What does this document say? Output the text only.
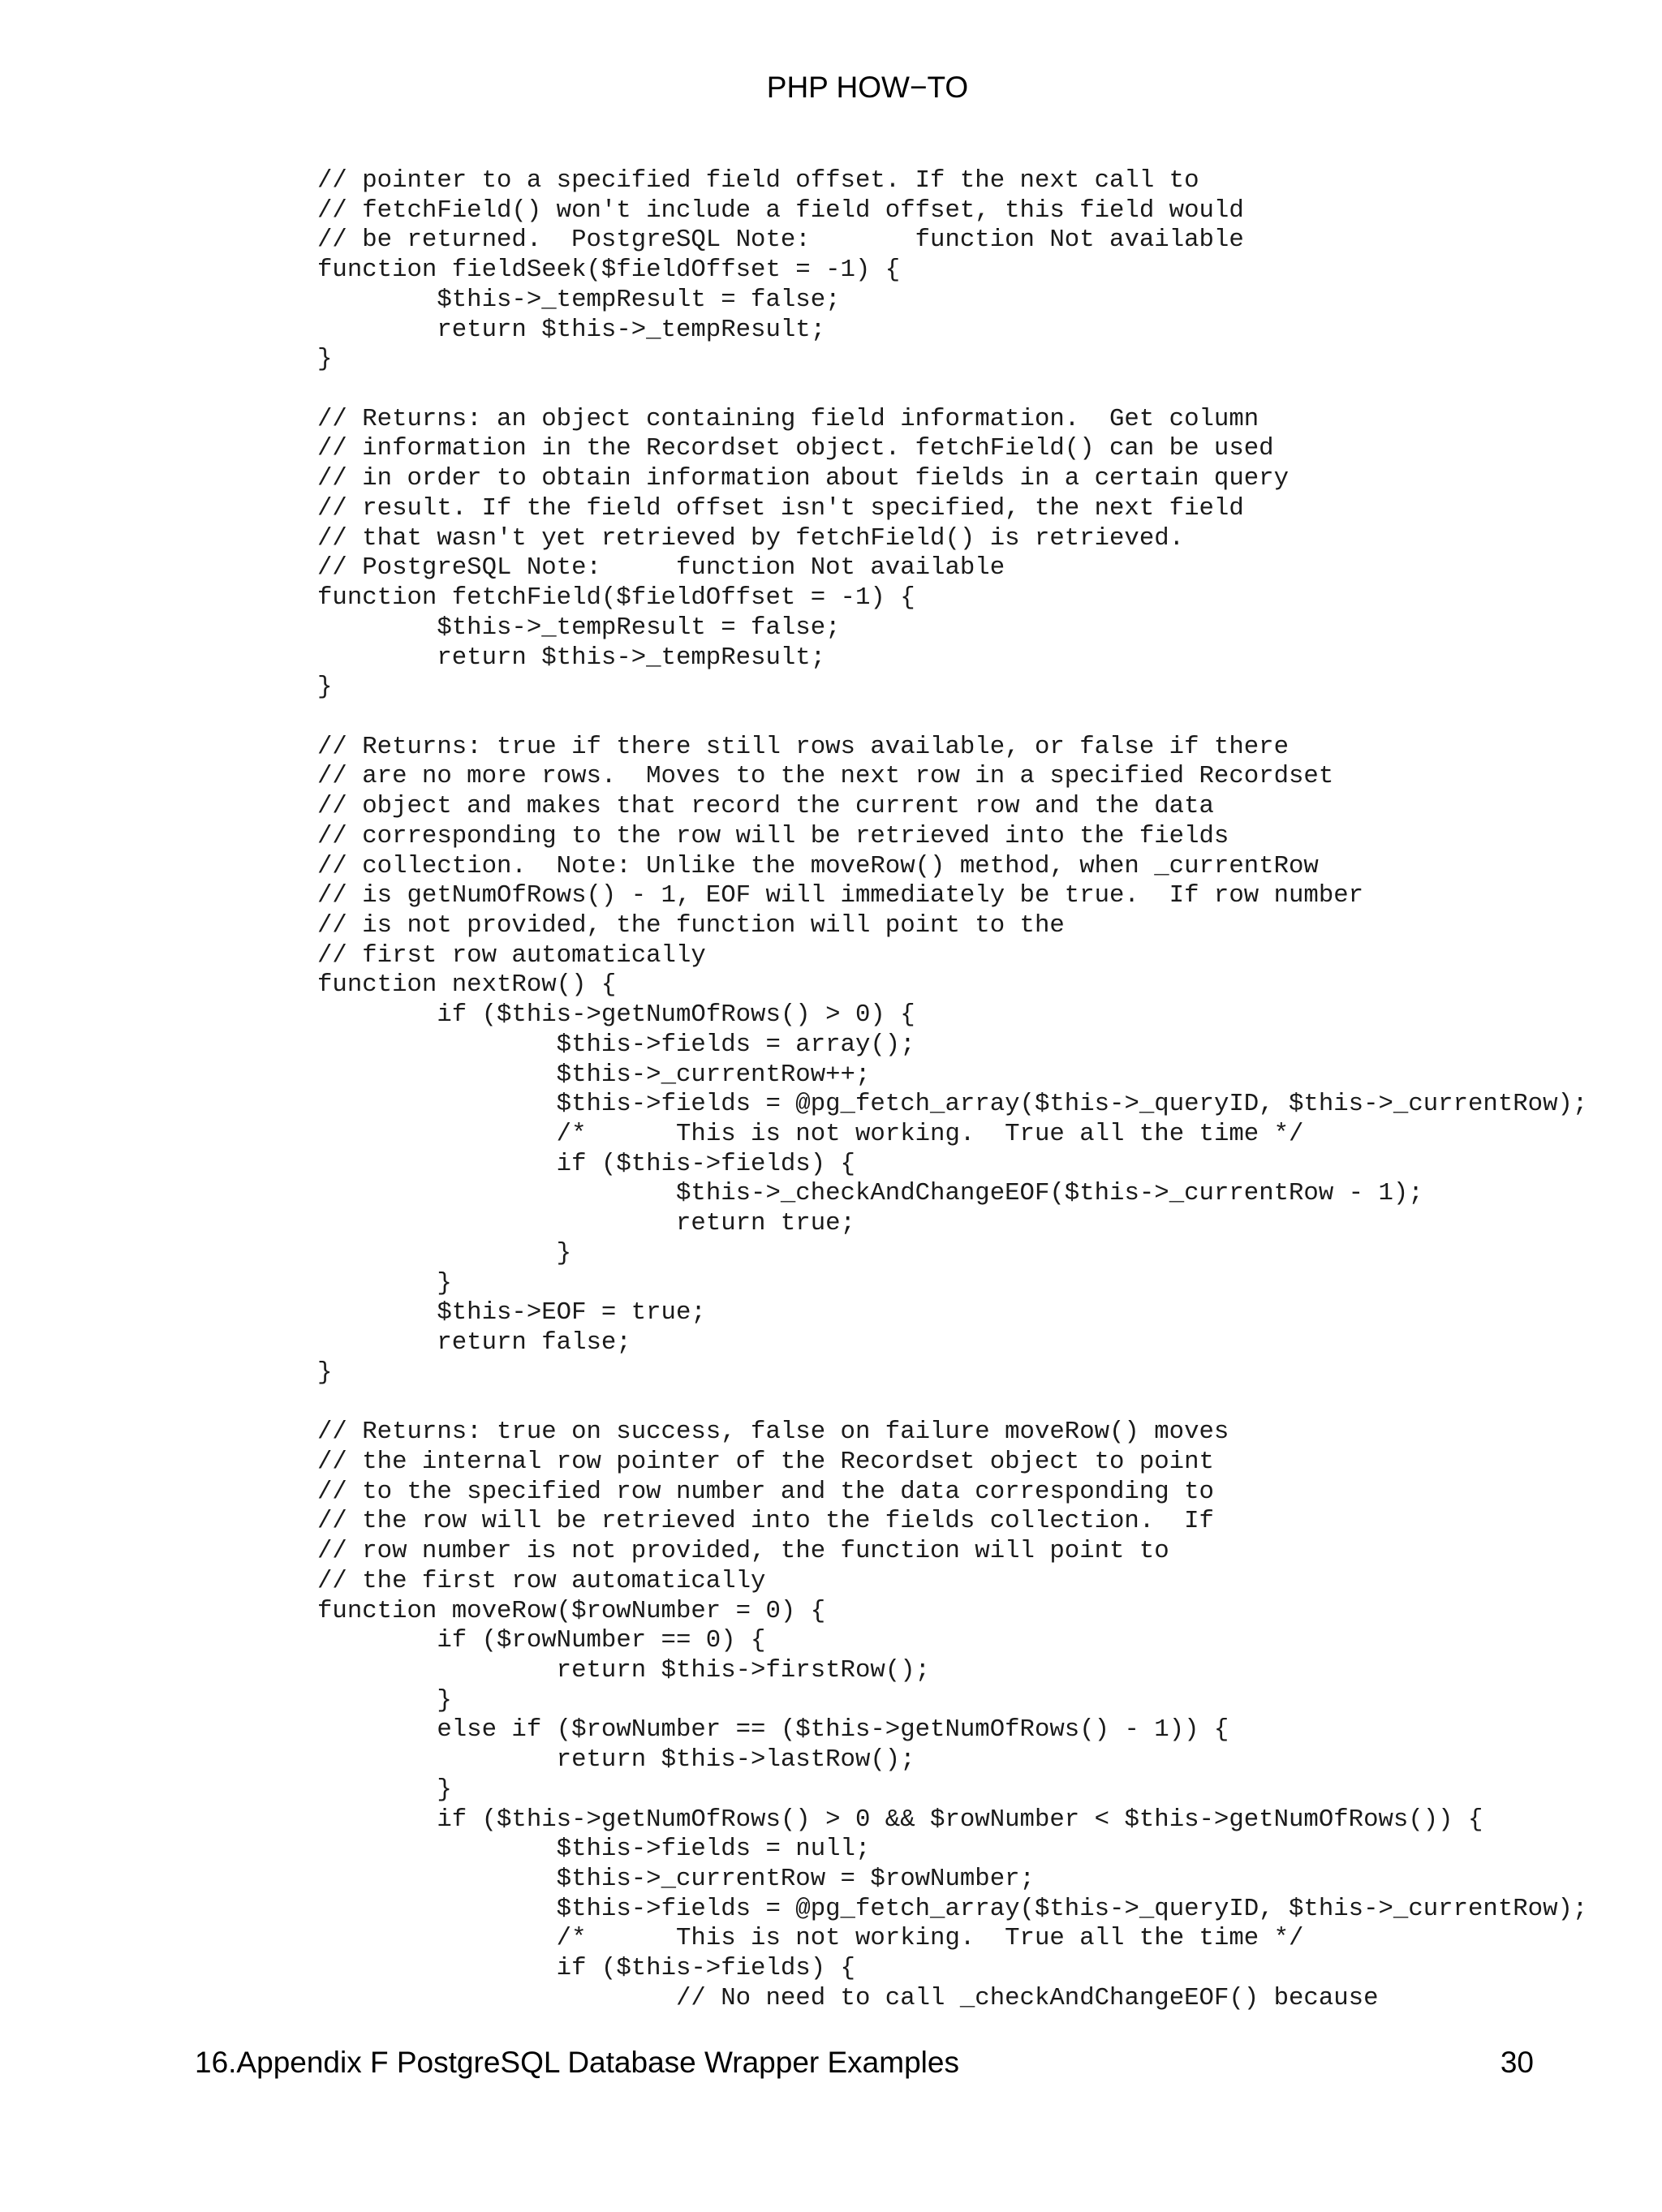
PHP HOW−TO
// pointer to a specified field offset. If the next call to
// fetchField() won't include a field offset, this field would
// be returned.  PostgreSQL Note:	function Not available
function fieldSeek($fieldOffset = -1) {
	$this->_tempResult = false;
	return $this->_tempResult;
}
// Returns: an object containing field information.  Get column
// information in the Recordset object. fetchField() can be used
// in order to obtain information about fields in a certain query
// result. If the field offset isn't specified, the next field
// that wasn't yet retrieved by fetchField() is retrieved.
// PostgreSQL Note:	function Not available
function fetchField($fieldOffset = -1) {
	$this->_tempResult = false;
	return $this->_tempResult;
}
// Returns: true if there still rows available, or false if there
// are no more rows.  Moves to the next row in a specified Recordset
// object and makes that record the current row and the data
// corresponding to the row will be retrieved into the fields
// collection.  Note: Unlike the moveRow() method, when _currentRow
// is getNumOfRows() - 1, EOF will immediately be true.  If row number
// is not provided, the function will point to the
// first row automatically
function nextRow() {
	if ($this->getNumOfRows() > 0) {
		$this->fields = array();
		$this->_currentRow++;
		$this->fields = @pg_fetch_array($this->_queryID, $this->_currentRow);
		/*	This is not working.  True all the time */
		if ($this->fields) {
			$this->_checkAndChangeEOF($this->_currentRow - 1);
			return true;
		}
	}
	$this->EOF = true;
	return false;
}
// Returns: true on success, false on failure moveRow() moves
// the internal row pointer of the Recordset object to point
// to the specified row number and the data corresponding to
// the row will be retrieved into the fields collection.  If
// row number is not provided, the function will point to
// the first row automatically
function moveRow($rowNumber = 0) {
	if ($rowNumber == 0) {
		return $this->firstRow();
	}
	else if ($rowNumber == ($this->getNumOfRows() - 1)) {
		return $this->lastRow();
	}
	if ($this->getNumOfRows() > 0 && $rowNumber < $this->getNumOfRows()) {
		$this->fields = null;
		$this->_currentRow = $rowNumber;
		$this->fields = @pg_fetch_array($this->_queryID, $this->_currentRow);
		/*	This is not working.  True all the time */
		if ($this->fields) {
			// No need to call _checkAndChangeEOF() because
16.Appendix F PostgreSQL Database Wrapper Examples	30
